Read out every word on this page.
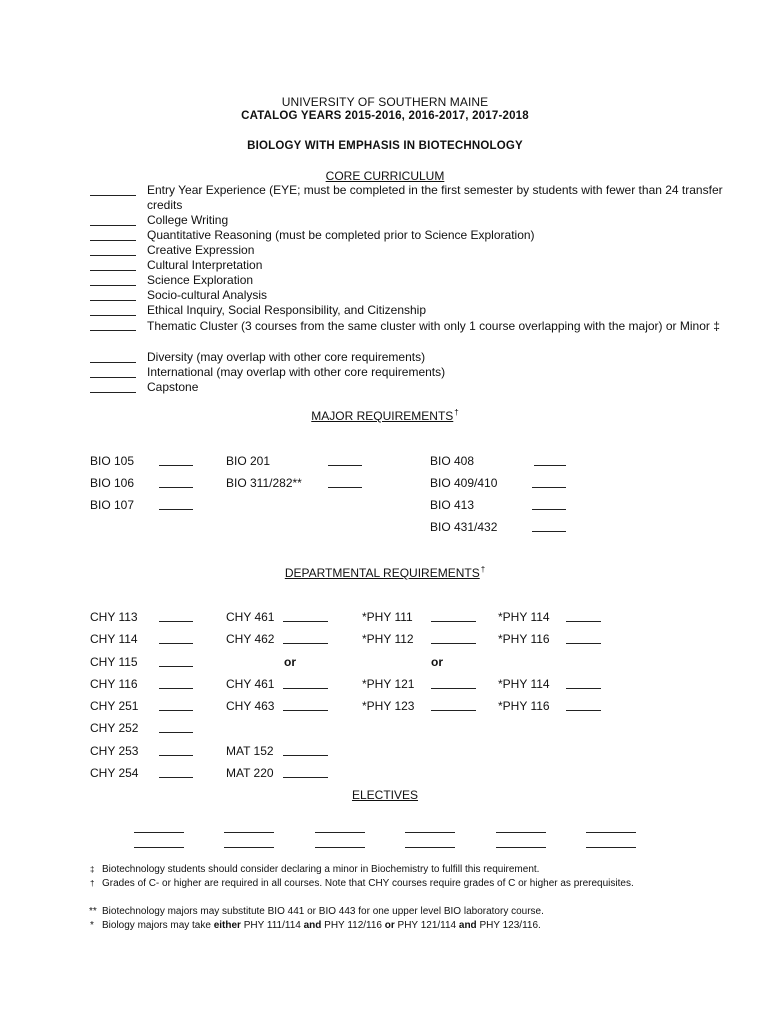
UNIVERSITY OF SOUTHERN MAINE
CATALOG YEARS 2015-2016, 2016-2017, 2017-2018
BIOLOGY WITH EMPHASIS IN BIOTECHNOLOGY
CORE CURRICULUM
Entry Year Experience (EYE; must be completed in the first semester by students with fewer than 24 transfer credits
College Writing
Quantitative Reasoning (must be completed prior to Science Exploration)
Creative Expression
Cultural Interpretation
Science Exploration
Socio-cultural Analysis
Ethical Inquiry, Social Responsibility, and Citizenship
Thematic Cluster (3 courses from the same cluster with only 1 course overlapping with the major) or Minor ‡
Diversity (may overlap with other core requirements)
International (may overlap with other core requirements)
Capstone
MAJOR REQUIREMENTS†
BIO 105
BIO 106
BIO 107
BIO 201
BIO 311/282**
BIO 408
BIO 409/410
BIO 413
BIO 431/432
DEPARTMENTAL REQUIREMENTS†
CHY 113
CHY 114
CHY 115
CHY 116
CHY 251
CHY 252
CHY 253
CHY 254
CHY 461
CHY 462
or
CHY 461
CHY 463
MAT 152
MAT 220
*PHY 111
*PHY 112
or
*PHY 121
*PHY 123
*PHY 114
*PHY 116
*PHY 114
*PHY 116
ELECTIVES
‡ Biotechnology students should consider declaring a minor in Biochemistry to fulfill this requirement.
† Grades of C- or higher are required in all courses. Note that CHY courses require grades of C or higher as prerequisites.
** Biotechnology majors may substitute BIO 441 or BIO 443 for one upper level BIO laboratory course.
* Biology majors may take either PHY 111/114 and PHY 112/116 or PHY 121/114 and PHY 123/116.
